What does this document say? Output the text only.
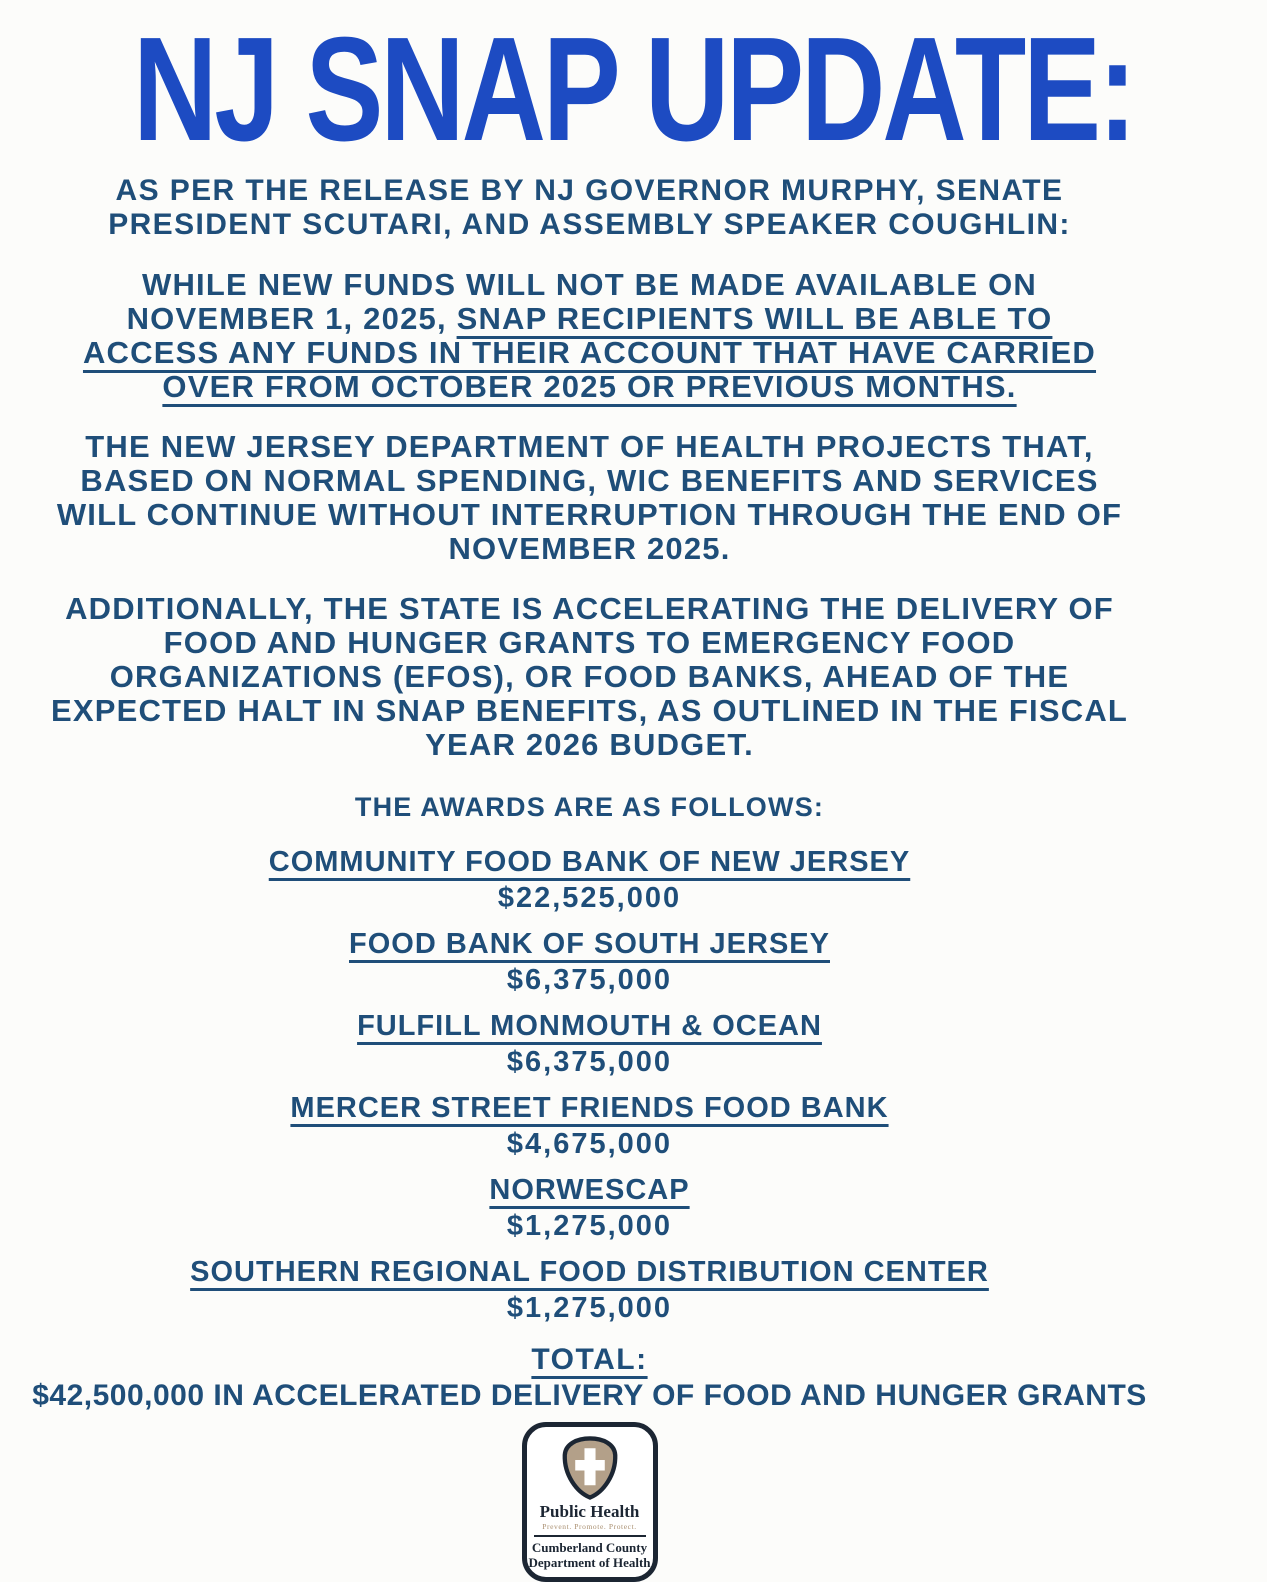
NJ SNAP UPDATE:
AS PER THE RELEASE BY NJ GOVERNOR MURPHY, SENATE
PRESIDENT SCUTARI, AND ASSEMBLY SPEAKER COUGHLIN:
WHILE NEW FUNDS WILL NOT BE MADE AVAILABLE ON
NOVEMBER 1, 2025, SNAP RECIPIENTS WILL BE ABLE TO
ACCESS ANY FUNDS IN THEIR ACCOUNT THAT HAVE CARRIED
OVER FROM OCTOBER 2025 OR PREVIOUS MONTHS.
THE NEW JERSEY DEPARTMENT OF HEALTH PROJECTS THAT,
BASED ON NORMAL SPENDING, WIC BENEFITS AND SERVICES
WILL CONTINUE WITHOUT INTERRUPTION THROUGH THE END OF
NOVEMBER 2025.
ADDITIONALLY, THE STATE IS ACCELERATING THE DELIVERY OF
FOOD AND HUNGER GRANTS TO EMERGENCY FOOD
ORGANIZATIONS (EFOS), OR FOOD BANKS, AHEAD OF THE
EXPECTED HALT IN SNAP BENEFITS, AS OUTLINED IN THE FISCAL
YEAR 2026 BUDGET.
THE AWARDS ARE AS FOLLOWS:
COMMUNITY FOOD BANK OF NEW JERSEY
$22,525,000
FOOD BANK OF SOUTH JERSEY
$6,375,000
FULFILL MONMOUTH & OCEAN
$6,375,000
MERCER STREET FRIENDS FOOD BANK
$4,675,000
NORWESCAP
$1,275,000
SOUTHERN REGIONAL FOOD DISTRIBUTION CENTER
$1,275,000
TOTAL:
$42,500,000 IN ACCELERATED DELIVERY OF FOOD AND HUNGER GRANTS
Public Health
Prevent. Promote. Protect.
Cumberland County
Department of Health
